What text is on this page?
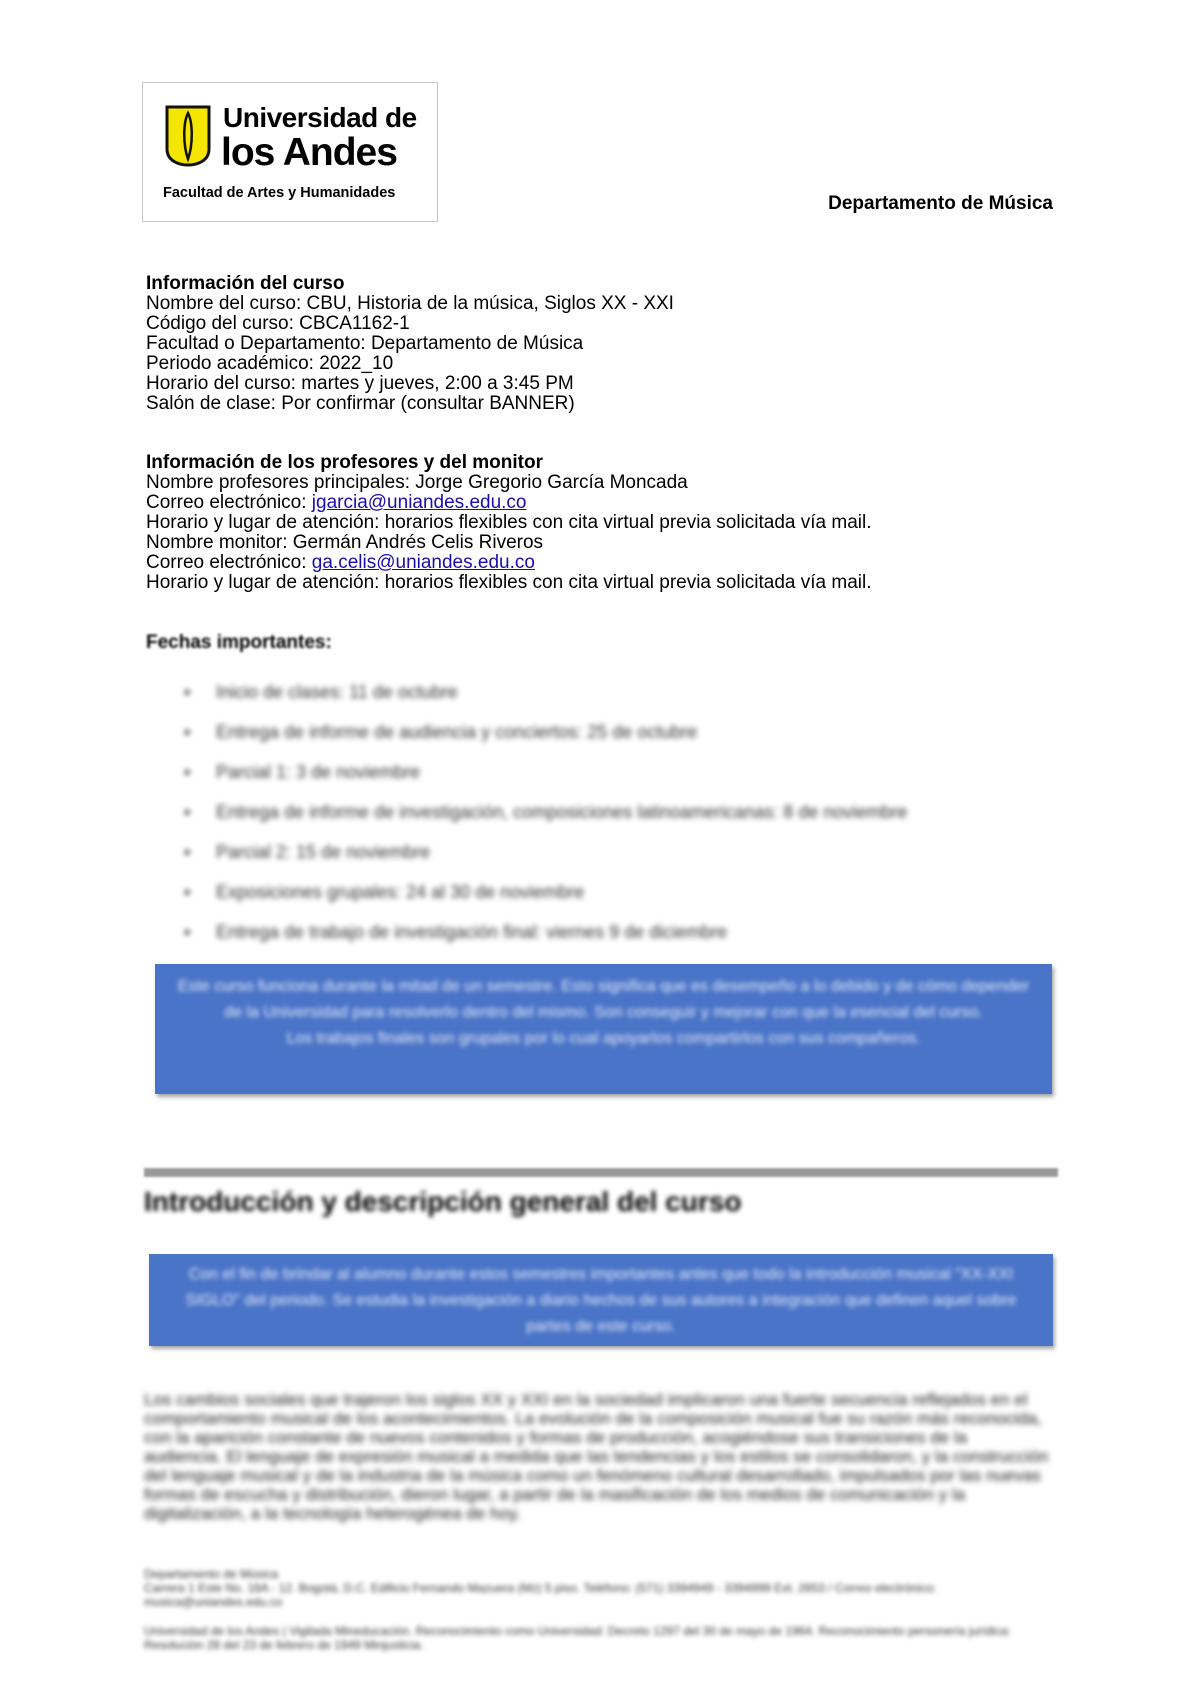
Universidad de
los Andes
Facultad de Artes y Humanidades	Departamento de Música
Información del curso
Nombre del curso: CBU, Historia de la música, Siglos XX - XXI
Código del curso: CBCA1162-1
Facultad o Departamento: Departamento de Música
Periodo académico: 2022_10
Horario del curso: martes y jueves, 2:00 a 3:45 PM
Salón de clase: Por confirmar (consultar BANNER)
Información de los profesores y del monitor
Nombre profesores principales: Jorge Gregorio García Moncada
Correo electrónico: jgarcia@uniandes.edu.co
Horario y lugar de atención: horarios flexibles con cita virtual previa solicitada vía mail.
Nombre monitor: Germán Andrés Celis Riveros
Correo electrónico: ga.celis@uniandes.edu.co
Horario y lugar de atención: horarios flexibles con cita virtual previa solicitada vía mail.
Fechas importantes:
▪ Inicio de clases: 11 de octubre
▪ Entrega de informe de audiencia y conciertos: 25 de octubre
▪ Parcial 1: 3 de noviembre
▪ Entrega de informe de investigación, composiciones latinoamericanas: 8 de noviembre
▪ Parcial 2: 15 de noviembre
▪ Exposiciones grupales: 24 al 30 de noviembre
▪ Entrega de trabajo de investigación final: viernes 9 de diciembre

Este curso funciona durante la mitad de un semestre. Esto significa que es desempeño a lo debido y de cómo depender de la Universidad para resolverlo dentro del mismo. Son conseguir y mejorar con que la esencial del curso.

Los trabajos finales son grupales por lo cual apoyarlos compartirlos con sus compañeros.

Introducción y descripción general del curso

Con el fin de brindar al alumno durante estos semestres importantes antes que todo la introducción musical "XX-XXI SIGLO" del periodo. Se estudia la investigación a diario hechos de sus autores a integración que definen aquel sobre partes de este curso.

Los cambios sociales que trajeron los siglos XX y XXI en la sociedad implicaron una fuerte secuencia reflejados en el comportamiento musical de los acontecimientos. La evolución de la composición musical fue su razón más reconocida, con la aparición constante de nuevos contenidos y formas de producción, acogiéndose sus transiciones de la audiencia. El lenguaje de expresión musical a medida que las tendencias y los estilos se consolidaron, y la construcción del lenguaje musical y de la industria de la música como un fenómeno cultural desarrollado, impulsados por las nuevas formas de escucha y distribución, dieron lugar, a partir de la masificación de los medios de comunicación y la digitalización, a la tecnología heterogénea de hoy.
Departamento de Música
Carrera 1 Este No. 18A - 12. Bogotá, D.C. Edificio Fernando Mazuera (Mz) 5 piso. Teléfono: (571) 3394949 - 3394999 Ext. 2653 / Correo electrónico: musica@uniandes.edu.co
Universidad de los Andes | Vigilada Mineducación. Reconocimiento como Universidad: Decreto 1297 del 30 de mayo de 1964. Reconocimiento personería jurídica: Resolución 28 del 23 de febrero de 1949 Minjusticia.
